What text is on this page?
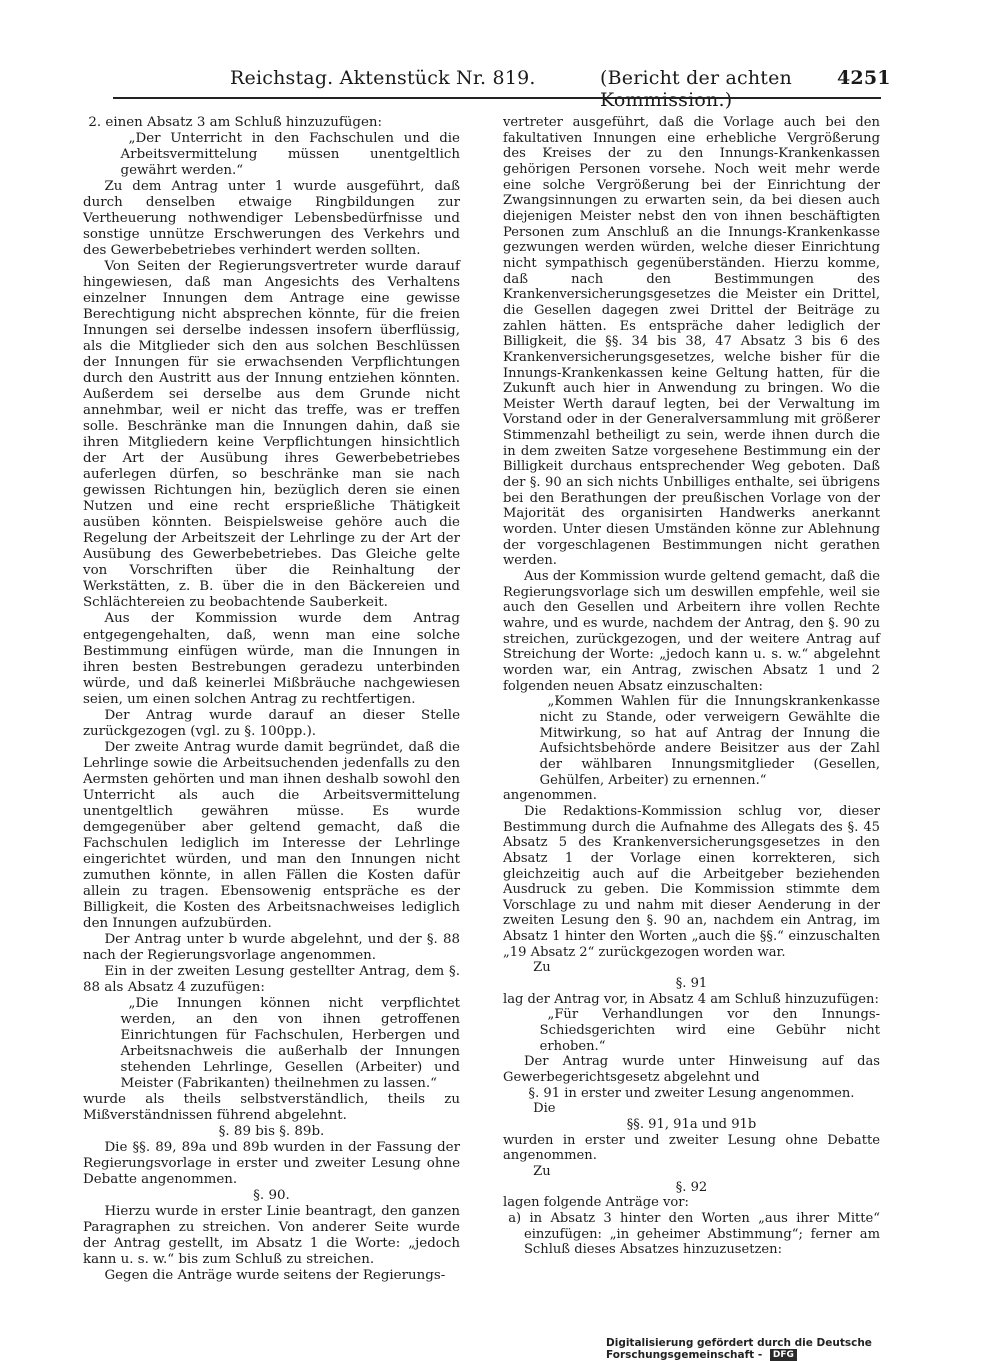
Reichstag. Aktenstück Nr. 819.	(Bericht der achten Kommission.)
4251

2. einen Absatz 3 am Schluß hinzuzufügen:

„Der Unterricht in den Fachschulen und die Arbeitsvermittelung müssen unentgeltlich gewährt werden.“

Zu dem Antrag unter 1 wurde ausgeführt, daß durch denselben etwaige Ringbildungen zur Vertheuerung nothwendiger Lebensbedürfnisse und sonstige unnütze Erschwerungen des Verkehrs und des Gewerbebetriebes verhindert werden sollten.

Von Seiten der Regierungsvertreter wurde darauf hingewiesen, daß man Angesichts des Verhaltens einzelner Innungen dem Antrage eine gewisse Berechtigung nicht absprechen könnte, für die freien Innungen sei derselbe indessen insofern überflüssig, als die Mitglieder sich den aus solchen Beschlüssen der Innungen für sie erwachsenden Verpflichtungen durch den Austritt aus der Innung entziehen könnten. Außerdem sei derselbe aus dem Grunde nicht annehmbar, weil er nicht das treffe, was er treffen solle. Beschränke man die Innungen dahin, daß sie ihren Mitgliedern keine Verpflichtungen hinsichtlich der Art der Ausübung ihres Gewerbebetriebes auferlegen dürfen, so beschränke man sie nach gewissen Richtungen hin, bezüglich deren sie einen Nutzen und eine recht ersprießliche Thätigkeit ausüben könnten. Beispielsweise gehöre auch die Regelung der Arbeitszeit der Lehrlinge zu der Art der Ausübung des Gewerbebetriebes. Das Gleiche gelte von Vorschriften über die Reinhaltung der Werkstätten, z. B. über die in den Bäckereien und Schlächtereien zu beobachtende Sauberkeit.

Aus der Kommission wurde dem Antrag entgegengehalten, daß, wenn man eine solche Bestimmung einfügen würde, man die Innungen in ihren besten Bestrebungen geradezu unterbinden würde, und daß keinerlei Mißbräuche nachgewiesen seien, um einen solchen Antrag zu rechtfertigen.

Der Antrag wurde darauf an dieser Stelle zurückgezogen (vgl. zu §. 100pp.).

Der zweite Antrag wurde damit begründet, daß die Lehrlinge sowie die Arbeitsuchenden jedenfalls zu den Aermsten gehörten und man ihnen deshalb sowohl den Unterricht als auch die Arbeitsvermittelung unentgeltlich gewähren müsse. Es wurde demgegenüber aber geltend gemacht, daß die Fachschulen lediglich im Interesse der Lehrlinge eingerichtet würden, und man den Innungen nicht zumuthen könnte, in allen Fällen die Kosten dafür allein zu tragen. Ebensowenig entspräche es der Billigkeit, die Kosten des Arbeitsnachweises lediglich den Innungen aufzubürden.

Der Antrag unter b wurde abgelehnt, und der §. 88 nach der Regierungsvorlage angenommen.

Ein in der zweiten Lesung gestellter Antrag, dem §. 88 als Absatz 4 zuzufügen:

„Die Innungen können nicht verpflichtet werden, an den von ihnen getroffenen Einrichtungen für Fachschulen, Herbergen und Arbeitsnachweis die außerhalb der Innungen stehenden Lehrlinge, Gesellen (Arbeiter) und Meister (Fabrikanten) theilnehmen zu lassen.“

wurde als theils selbstverständlich, theils zu Mißverständnissen führend abgelehnt.

§. 89 bis §. 89b.

Die §§. 89, 89a und 89b wurden in der Fassung der Regierungsvorlage in erster und zweiter Lesung ohne Debatte angenommen.

§. 90.

Hierzu wurde in erster Linie beantragt, den ganzen Paragraphen zu streichen. Von anderer Seite wurde der Antrag gestellt, im Absatz 1 die Worte: „jedoch kann u. s. w.“ bis zum Schluß zu streichen.

Gegen die Anträge wurde seitens der Regierungs-

vertreter ausgeführt, daß die Vorlage auch bei den fakultativen Innungen eine erhebliche Vergrößerung des Kreises der zu den Innungs-Krankenkassen gehörigen Personen vorsehe. Noch weit mehr werde eine solche Vergrößerung bei der Einrichtung der Zwangsinnungen zu erwarten sein, da bei diesen auch diejenigen Meister nebst den von ihnen beschäftigten Personen zum Anschluß an die Innungs-Krankenkasse gezwungen werden würden, welche dieser Einrichtung nicht sympathisch gegenüberständen. Hierzu komme, daß nach den Bestimmungen des Krankenversicherungsgesetzes die Meister ein Drittel, die Gesellen dagegen zwei Drittel der Beiträge zu zahlen hätten. Es entspräche daher lediglich der Billigkeit, die §§. 34 bis 38, 47 Absatz 3 bis 6 des Krankenversicherungsgesetzes, welche bisher für die Innungs-Krankenkassen keine Geltung hatten, für die Zukunft auch hier in Anwendung zu bringen. Wo die Meister Werth darauf legten, bei der Verwaltung im Vorstand oder in der Generalversammlung mit größerer Stimmenzahl betheiligt zu sein, werde ihnen durch die in dem zweiten Satze vorgesehene Bestimmung ein der Billigkeit durchaus entsprechender Weg geboten. Daß der §. 90 an sich nichts Unbilliges enthalte, sei übrigens bei den Berathungen der preußischen Vorlage von der Majorität des organisirten Handwerks anerkannt worden. Unter diesen Umständen könne zur Ablehnung der vorgeschlagenen Bestimmungen nicht gerathen werden.

Aus der Kommission wurde geltend gemacht, daß die Regierungsvorlage sich um deswillen empfehle, weil sie auch den Gesellen und Arbeitern ihre vollen Rechte wahre, und es wurde, nachdem der Antrag, den §. 90 zu streichen, zurückgezogen, und der weitere Antrag auf Streichung der Worte: „jedoch kann u. s. w.“ abgelehnt worden war, ein Antrag, zwischen Absatz 1 und 2 folgenden neuen Absatz einzuschalten:

„Kommen Wahlen für die Innungskrankenkasse nicht zu Stande, oder verweigern Gewählte die Mitwirkung, so hat auf Antrag der Innung die Aufsichtsbehörde andere Beisitzer aus der Zahl der wählbaren Innungsmitglieder (Gesellen, Gehülfen, Arbeiter) zu ernennen.“

angenommen.

Die Redaktions-Kommission schlug vor, dieser Bestimmung durch die Aufnahme des Allegats des §. 45 Absatz 5 des Krankenversicherungsgesetzes in den Absatz 1 der Vorlage einen korrekteren, sich gleichzeitig auch auf die Arbeitgeber beziehenden Ausdruck zu geben. Die Kommission stimmte dem Vorschlage zu und nahm mit dieser Aenderung in der zweiten Lesung den §. 90 an, nachdem ein Antrag, im Absatz 1 hinter den Worten „auch die §§.“ einzuschalten „19 Absatz 2“ zurückgezogen worden war.

Zu

§. 91

lag der Antrag vor, in Absatz 4 am Schluß hinzuzufügen:

„Für Verhandlungen vor den Innungs-Schiedsgerichten wird eine Gebühr nicht erhoben.“

Der Antrag wurde unter Hinweisung auf das Gewerbegerichtsgesetz abgelehnt und

§. 91 in erster und zweiter Lesung angenommen.

Die

§§. 91, 91a und 91b

wurden in erster und zweiter Lesung ohne Debatte angenommen.

Zu

§. 92

lagen folgende Anträge vor:

a) in Absatz 3 hinter den Worten „aus ihrer Mitte“ einzufügen: „in geheimer Abstimmung“; ferner am Schluß dieses Absatzes hinzuzusetzen:

Digitalisierung gefördert durch die Deutsche Forschungsgemeinschaft - DFG
